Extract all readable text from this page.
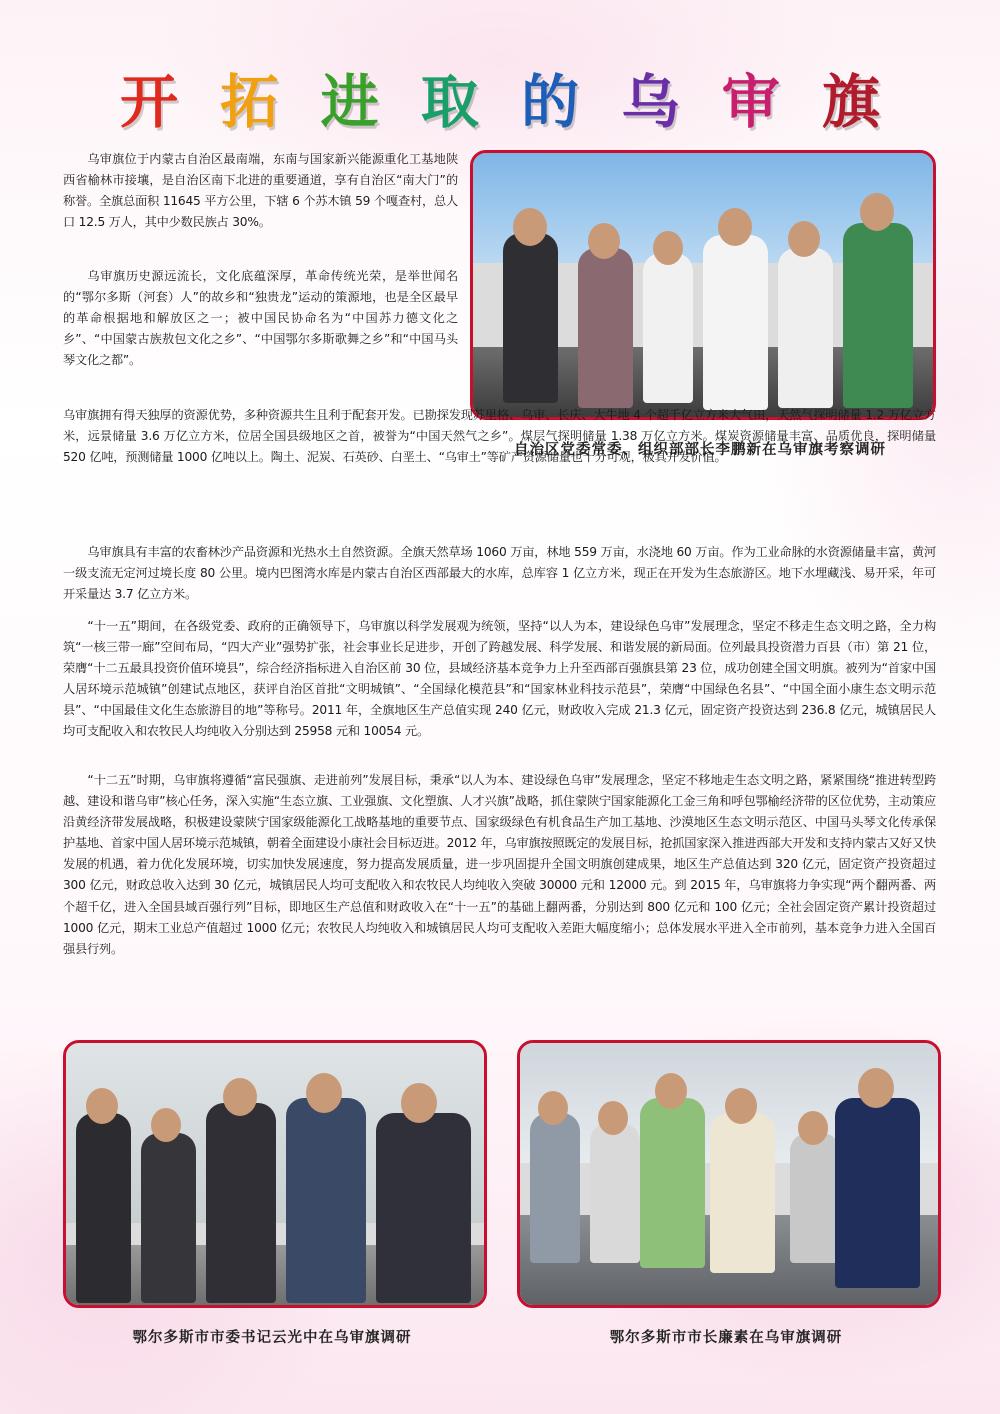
开 拓 进 取 的 乌 审 旗
自治区党委常委、组织部部长李鹏新在乌审旗考察调研

乌审旗位于内蒙古自治区最南端，东南与国家新兴能源重化工基地陕西省榆林市接壤，是自治区南下北进的重要通道，享有自治区“南大门”的称誉。全旗总面积 11645 平方公里，下辖 6 个苏木镇 59 个嘎查村，总人口 12.5 万人，其中少数民族占 30%。

乌审旗历史源远流长，文化底蕴深厚，革命传统光荣，是举世闻名的“鄂尔多斯（河套）人”的故乡和“独贵龙”运动的策源地，也是全区最早的革命根据地和解放区之一；被中国民协命名为“中国苏力德文化之乡”、“中国蒙古族敖包文化之乡”、“中国鄂尔多斯歌舞之乡”和“中国马头琴文化之都”。

乌审旗拥有得天独厚的资源优势，多种资源共生且利于配套开发。已勘探发现苏里格、乌审、长庆、大牛地 4 个超千亿立方米大气田，天然气探明储量 1.2 万亿立方米，远景储量 3.6 万亿立方米，位居全国县级地区之首，被誉为“中国天然气之乡”。煤层气探明储量 1.38 万亿立方米。煤炭资源储量丰富、品质优良，探明储量 520 亿吨，预测储量 1000 亿吨以上。陶土、泥炭、石英砂、白垩土、“乌审土”等矿产资源储量也十分可观，极具开发价值。

乌审旗具有丰富的农畜林沙产品资源和光热水土自然资源。全旗天然草场 1060 万亩，林地 559 万亩，水浇地 60 万亩。作为工业命脉的水资源储量丰富，黄河一级支流无定河过境长度 80 公里。境内巴图湾水库是内蒙古自治区西部最大的水库，总库容 1 亿立方米，现正在开发为生态旅游区。地下水埋藏浅、易开采，年可开采量达 3.7 亿立方米。

“十一五”期间，在各级党委、政府的正确领导下，乌审旗以科学发展观为统领，坚持“以人为本，建设绿色乌审”发展理念，坚定不移走生态文明之路，全力构筑“一核三带一廊”空间布局，“四大产业”强势扩张，社会事业长足进步，开创了跨越发展、科学发展、和谐发展的新局面。位列最具投资潜力百县（市）第 21 位，荣膺“十二五最具投资价值环境县”，综合经济指标进入自治区前 30 位，县域经济基本竞争力上升至西部百强旗县第 23 位，成功创建全国文明旗。被列为“首家中国人居环境示范城镇”创建试点地区，获评自治区首批“文明城镇”、“全国绿化模范县”和“国家林业科技示范县”，荣膺“中国绿色名县”、“中国全面小康生态文明示范县”、“中国最佳文化生态旅游目的地”等称号。2011 年，全旗地区生产总值实现 240 亿元，财政收入完成 21.3 亿元，固定资产投资达到 236.8 亿元，城镇居民人均可支配收入和农牧民人均纯收入分别达到 25958 元和 10054 元。

“十二五”时期，乌审旗将遵循“富民强旗、走进前列”发展目标，秉承“以人为本、建设绿色乌审”发展理念，坚定不移地走生态文明之路，紧紧围绕“推进转型跨越、建设和谐乌审”核心任务，深入实施“生态立旗、工业强旗、文化塑旗、人才兴旗”战略，抓住蒙陕宁国家能源化工金三角和呼包鄂榆经济带的区位优势，主动策应沿黄经济带发展战略，积极建设蒙陕宁国家级能源化工战略基地的重要节点、国家级绿色有机食品生产加工基地、沙漠地区生态文明示范区、中国马头琴文化传承保护基地、首家中国人居环境示范城镇，朝着全面建设小康社会目标迈进。2012 年，乌审旗按照既定的发展目标，抢抓国家深入推进西部大开发和支持内蒙古又好又快发展的机遇，着力优化发展环境，切实加快发展速度，努力提高发展质量，进一步巩固提升全国文明旗创建成果，地区生产总值达到 320 亿元，固定资产投资超过 300 亿元，财政总收入达到 30 亿元，城镇居民人均可支配收入和农牧民人均纯收入突破 30000 元和 12000 元。到 2015 年，乌审旗将力争实现“两个翻两番、两个超千亿，进入全国县域百强行列”目标，即地区生产总值和财政收入在“十一五”的基础上翻两番，分别达到 800 亿元和 100 亿元；全社会固定资产累计投资超过 1000 亿元，期末工业总产值超过 1000 亿元；农牧民人均纯收入和城镇居民人均可支配收入差距大幅度缩小；总体发展水平进入全市前列，基本竞争力进入全国百强县行列。

鄂尔多斯市市委书记云光中在乌审旗调研	鄂尔多斯市市长廉素在乌审旗调研
